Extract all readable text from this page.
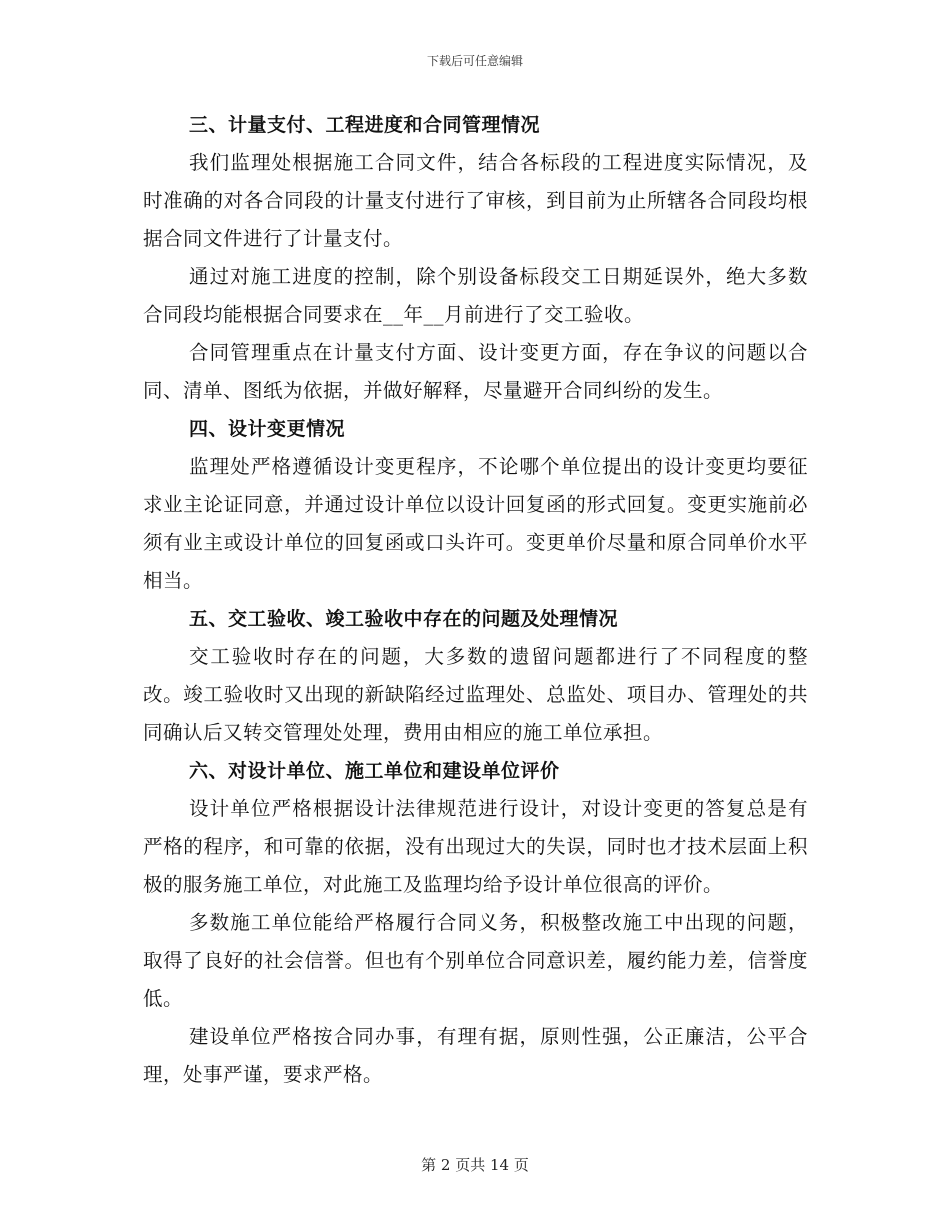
下载后可任意编辑

三、计量支付、工程进度和合同管理情况

我们监理处根据施工合同文件，结合各标段的工程进度实际情况，及时准确的对各合同段的计量支付进行了审核，到目前为止所辖各合同段均根据合同文件进行了计量支付。

通过对施工进度的控制，除个别设备标段交工日期延误外，绝大多数合同段均能根据合同要求在__年__月前进行了交工验收。

合同管理重点在计量支付方面、设计变更方面，存在争议的问题以合同、清单、图纸为依据，并做好解释，尽量避开合同纠纷的发生。

四、设计变更情况

监理处严格遵循设计变更程序，不论哪个单位提出的设计变更均要征求业主论证同意，并通过设计单位以设计回复函的形式回复。变更实施前必须有业主或设计单位的回复函或口头许可。变更单价尽量和原合同单价水平相当。

五、交工验收、竣工验收中存在的问题及处理情况

交工验收时存在的问题，大多数的遗留问题都进行了不同程度的整改。竣工验收时又出现的新缺陷经过监理处、总监处、项目办、管理处的共同确认后又转交管理处处理，费用由相应的施工单位承担。

六、对设计单位、施工单位和建设单位评价

设计单位严格根据设计法律规范进行设计，对设计变更的答复总是有严格的程序，和可靠的依据，没有出现过大的失误，同时也才技术层面上积极的服务施工单位，对此施工及监理均给予设计单位很高的评价。

多数施工单位能给严格履行合同义务，积极整改施工中出现的问题，取得了良好的社会信誉。但也有个别单位合同意识差，履约能力差，信誉度低。

建设单位严格按合同办事，有理有据，原则性强，公正廉洁，公平合理，处事严谨，要求严格。

第 2 页共 14 页
